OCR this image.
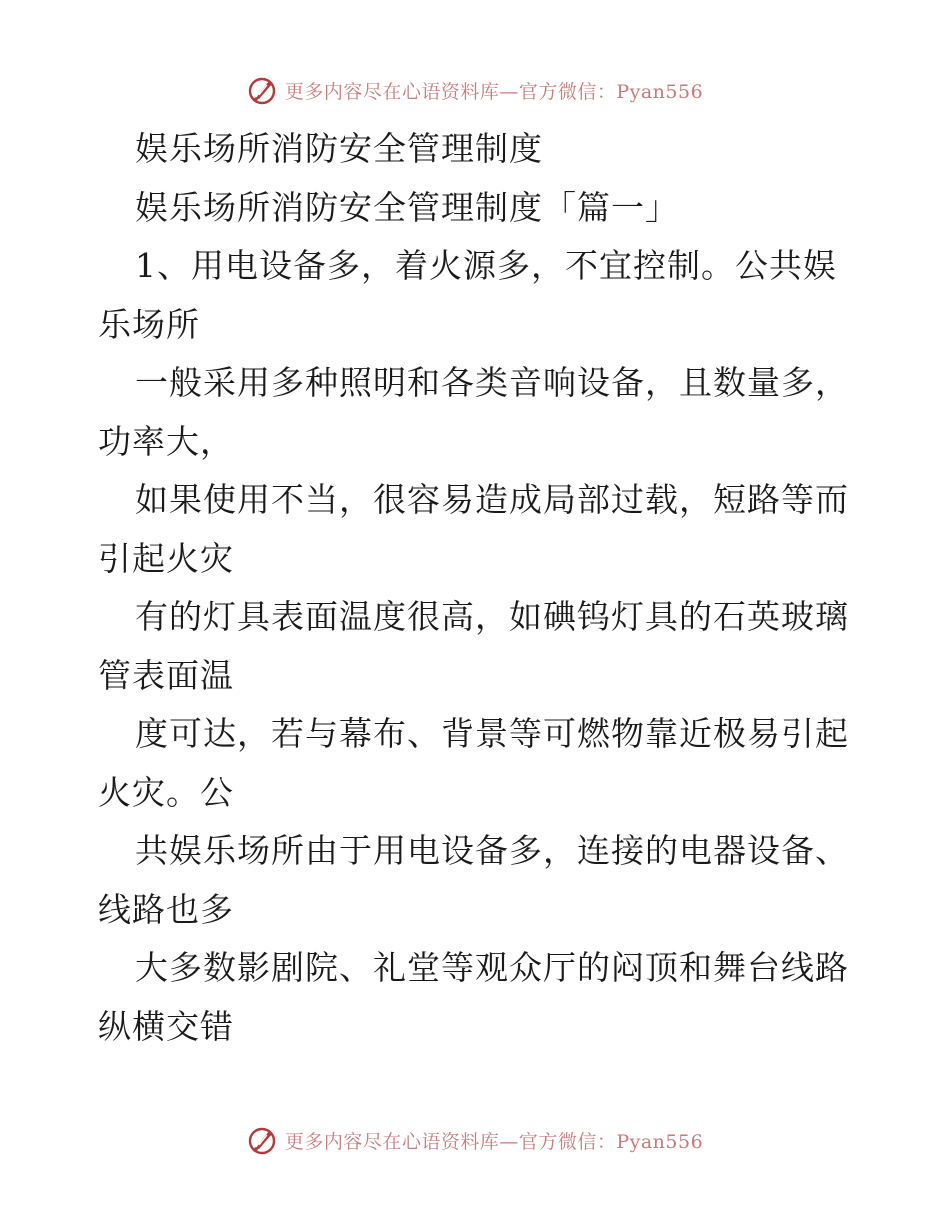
更多内容尽在心语资料库—官方微信：Pyan556
娱乐场所消防安全管理制度
娱乐场所消防安全管理制度「篇一」
1、用电设备多，着火源多，不宜控制。公共娱
乐场所
一般采用多种照明和各类音响设备，且数量多，
功率大，
如果使用不当，很容易造成局部过载，短路等而
引起火灾
有的灯具表面温度很高，如碘钨灯具的石英玻璃
管表面温
度可达，若与幕布、背景等可燃物靠近极易引起
火灾。公
共娱乐场所由于用电设备多，连接的电器设备、
线路也多
大多数影剧院、礼堂等观众厅的闷顶和舞台线路
纵横交错
更多内容尽在心语资料库—官方微信：Pyan556
